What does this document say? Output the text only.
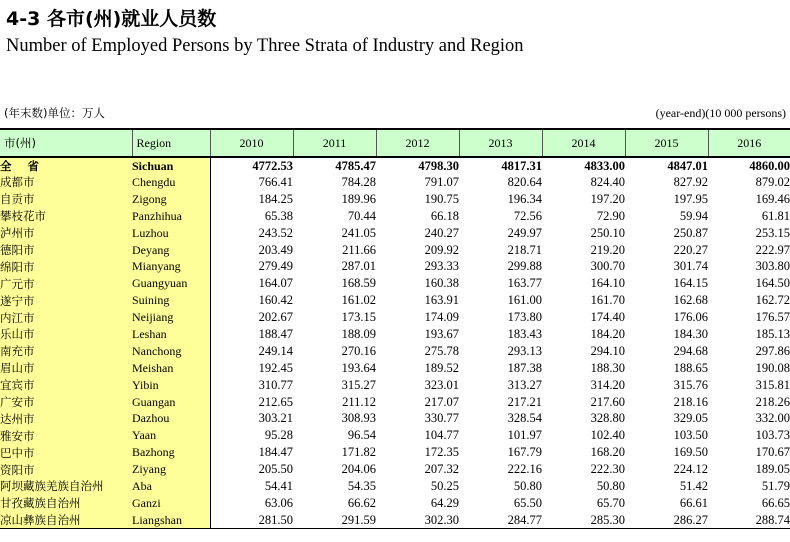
4-3 各市(州)就业人员数
Number of Employed Persons by Three Strata of Industry and Region
(年末数)单位：万人	(year-end)(10 000 persons)
市(州)	Region	2010	2011	2012	2013	2014	2015	2016
全 省	Sichuan	4772.53	4785.47	4798.30	4817.31	4833.00	4847.01	4860.00
成都市	Chengdu	766.41	784.28	791.07	820.64	824.40	827.92	879.02
自贡市	Zigong	184.25	189.96	190.75	196.34	197.20	197.95	169.46
攀枝花市	Panzhihua	65.38	70.44	66.18	72.56	72.90	59.94	61.81
泸州市	Luzhou	243.52	241.05	240.27	249.97	250.10	250.87	253.15
德阳市	Deyang	203.49	211.66	209.92	218.71	219.20	220.27	222.97
绵阳市	Mianyang	279.49	287.01	293.33	299.88	300.70	301.74	303.80
广元市	Guangyuan	164.07	168.59	160.38	163.77	164.10	164.15	164.50
遂宁市	Suining	160.42	161.02	163.91	161.00	161.70	162.68	162.72
内江市	Neijiang	202.67	173.15	174.09	173.80	174.40	176.06	176.57
乐山市	Leshan	188.47	188.09	193.67	183.43	184.20	184.30	185.13
南充市	Nanchong	249.14	270.16	275.78	293.13	294.10	294.68	297.86
眉山市	Meishan	192.45	193.64	189.52	187.38	188.30	188.65	190.08
宜宾市	Yibin	310.77	315.27	323.01	313.27	314.20	315.76	315.81
广安市	Guangan	212.65	211.12	217.07	217.21	217.60	218.16	218.26
达州市	Dazhou	303.21	308.93	330.77	328.54	328.80	329.05	332.00
雅安市	Yaan	95.28	96.54	104.77	101.97	102.40	103.50	103.73
巴中市	Bazhong	184.47	171.82	172.35	167.79	168.20	169.50	170.67
资阳市	Ziyang	205.50	204.06	207.32	222.16	222.30	224.12	189.05
阿坝藏族羌族自治州	Aba	54.41	54.35	50.25	50.80	50.80	51.42	51.79
甘孜藏族自治州	Ganzi	63.06	66.62	64.29	65.50	65.70	66.61	66.65
凉山彝族自治州	Liangshan	281.50	291.59	302.30	284.77	285.30	286.27	288.74
